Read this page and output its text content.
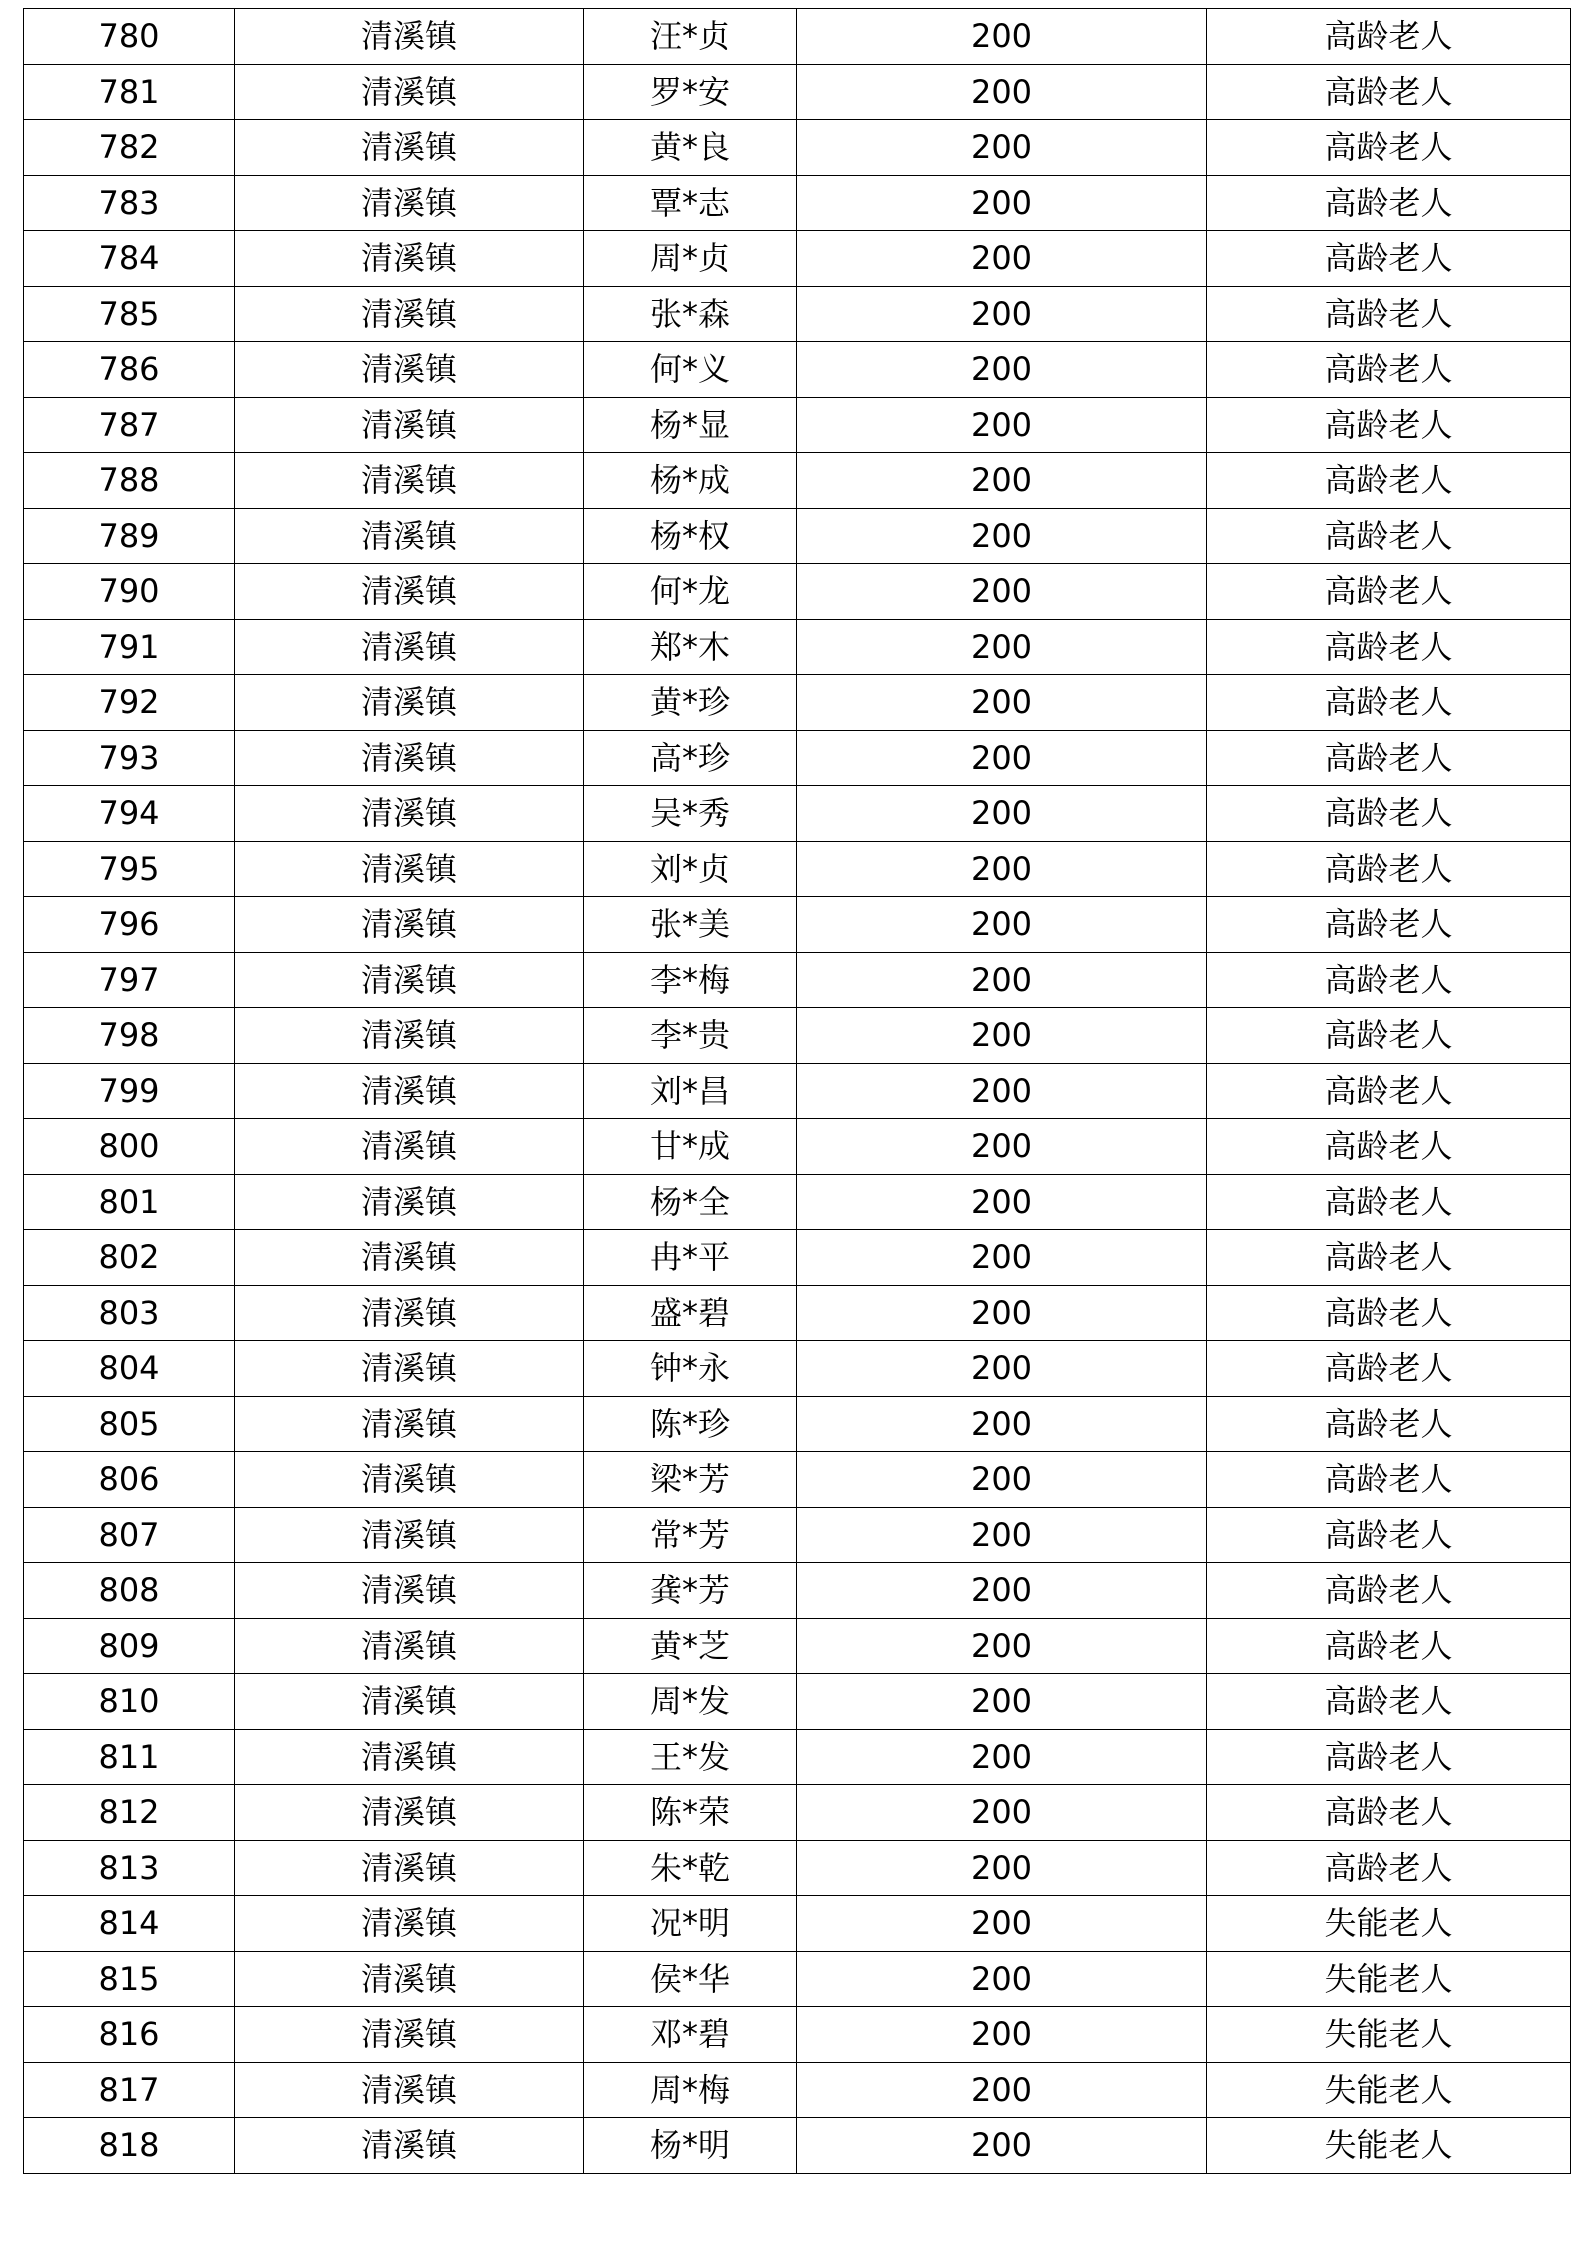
780	清溪镇	汪*贞	200	高龄老人
781	清溪镇	罗*安	200	高龄老人
782	清溪镇	黄*良	200	高龄老人
783	清溪镇	覃*志	200	高龄老人
784	清溪镇	周*贞	200	高龄老人
785	清溪镇	张*森	200	高龄老人
786	清溪镇	何*义	200	高龄老人
787	清溪镇	杨*显	200	高龄老人
788	清溪镇	杨*成	200	高龄老人
789	清溪镇	杨*权	200	高龄老人
790	清溪镇	何*龙	200	高龄老人
791	清溪镇	郑*木	200	高龄老人
792	清溪镇	黄*珍	200	高龄老人
793	清溪镇	高*珍	200	高龄老人
794	清溪镇	吴*秀	200	高龄老人
795	清溪镇	刘*贞	200	高龄老人
796	清溪镇	张*美	200	高龄老人
797	清溪镇	李*梅	200	高龄老人
798	清溪镇	李*贵	200	高龄老人
799	清溪镇	刘*昌	200	高龄老人
800	清溪镇	甘*成	200	高龄老人
801	清溪镇	杨*全	200	高龄老人
802	清溪镇	冉*平	200	高龄老人
803	清溪镇	盛*碧	200	高龄老人
804	清溪镇	钟*永	200	高龄老人
805	清溪镇	陈*珍	200	高龄老人
806	清溪镇	梁*芳	200	高龄老人
807	清溪镇	常*芳	200	高龄老人
808	清溪镇	龚*芳	200	高龄老人
809	清溪镇	黄*芝	200	高龄老人
810	清溪镇	周*发	200	高龄老人
811	清溪镇	王*发	200	高龄老人
812	清溪镇	陈*荣	200	高龄老人
813	清溪镇	朱*乾	200	高龄老人
814	清溪镇	况*明	200	失能老人
815	清溪镇	侯*华	200	失能老人
816	清溪镇	邓*碧	200	失能老人
817	清溪镇	周*梅	200	失能老人
818	清溪镇	杨*明	200	失能老人
